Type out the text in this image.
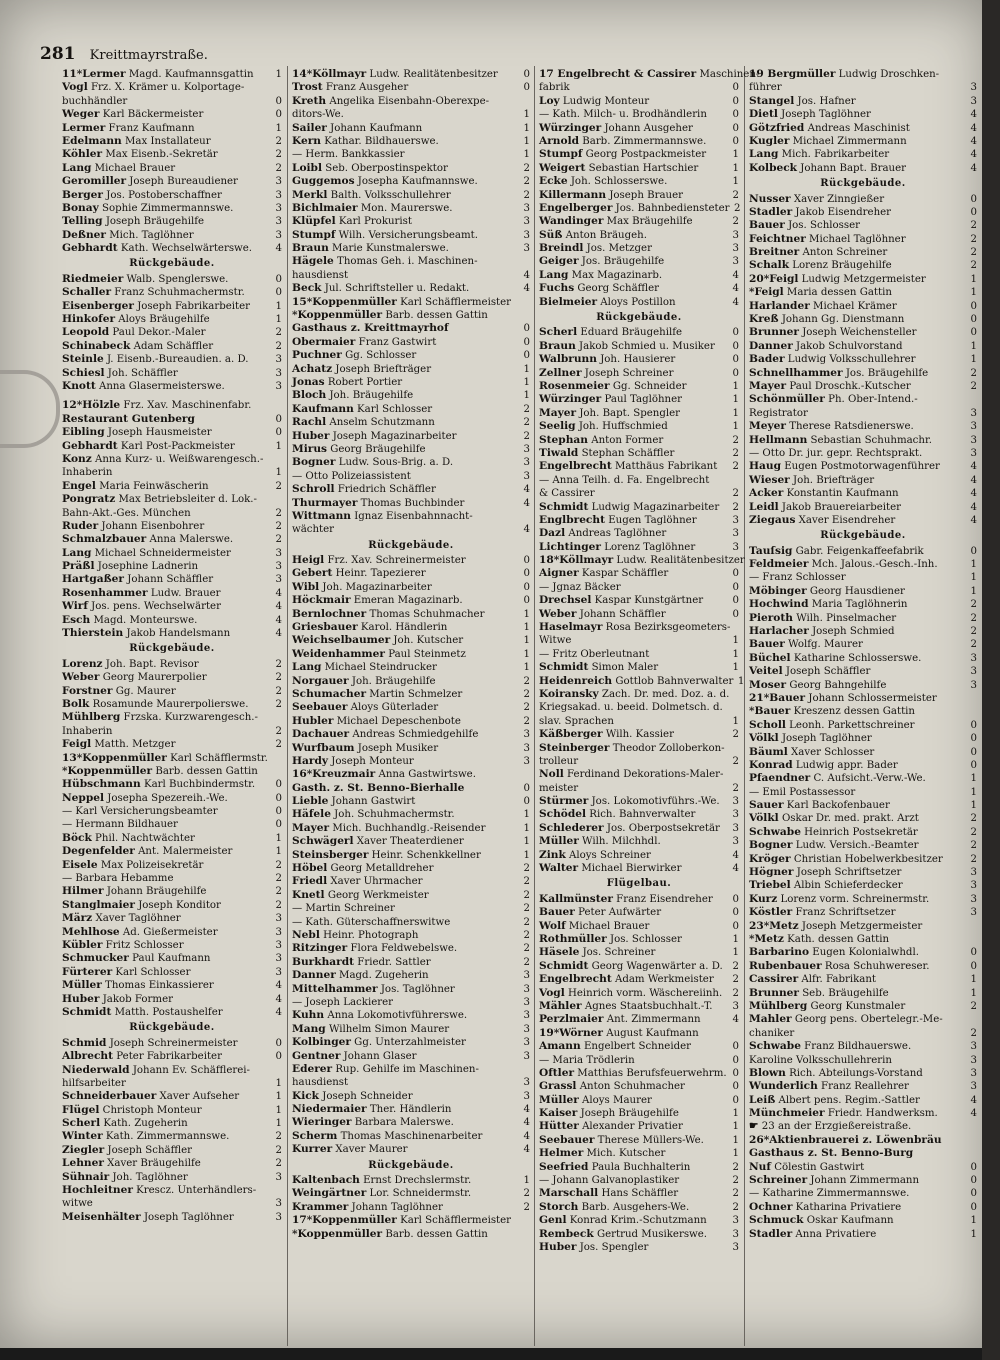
281 Kreittmayrstraße.
11*Lermer Magd. Kaufmannsgattin	1
Vogl Frz. X. Krämer u. Kolportage-
buchhändler	0
Weger Karl Bäckermeister	0
Lermer Franz Kaufmann	1
Edelmann Max Installateur	2
Köhler Max Eisenb.-Sekretär	2
Lang Michael Brauer	2
Geromiller Joseph Bureaudiener	3
Berger Jos. Postoberschaffner	3
Bonay Sophie Zimmermannswe.	3
Telling Joseph Bräugehilfe	3
Deßner Mich. Taglöhner	3
Gebhardt Kath. Wechselwärterswe.	4
Rückgebäude.
Riedmeier Walb. Spenglerswe.	0
Schaller Franz Schuhmachermstr.	0
Eisenberger Joseph Fabrikarbeiter	1
Hinkofer Aloys Bräugehilfe	1
Leopold Paul Dekor.-Maler	2
Schinabeck Adam Schäffler	2
Steinle J. Eisenb.-Bureaudien. a. D.	3
Schiesl Joh. Schäffler	3
Knott Anna Glasermeisterswe.	3
12*Hölzle Frz. Xav. Maschinenfabr.
Restaurant Gutenberg	0
Eibling Joseph Hausmeister	0
Gebhardt Karl Post-Packmeister	1
Konz Anna Kurz- u. Weißwarengesch.-
Inhaberin	1
Engel Maria Feinwäscherin	2
Pongratz Max Betriebsleiter d. Lok.-
Bahn-Akt.-Ges. München	2
Ruder Johann Eisenbohrer	2
Schmalzbauer Anna Malerswe.	2
Lang Michael Schneidermeister	3
Präßl Josephine Ladnerin	3
Hartgaßer Johann Schäffler	3
Rosenhammer Ludw. Brauer	4
Wirf Jos. pens. Wechselwärter	4
Esch Magd. Monteurswe.	4
Thierstein Jakob Handelsmann	4
Rückgebäude.
Lorenz Joh. Bapt. Revisor	2
Weber Georg Maurerpolier	2
Forstner Gg. Maurer	2
Bolk Rosamunde Maurerpolierswe.	2
Mühlberg Frzska. Kurzwarengesch.-
Inhaberin	2
Feigl Matth. Metzger	2
13*Koppenmüller Karl Schäfflermstr.
*Koppenmüller Barb. dessen Gattin
Hübschmann Karl Buchbindermstr.	0
Neppel Josepha Spezereih.-We.	0
— Karl Versicherungsbeamter	0
— Hermann Bildhauer	0
Böck Phil. Nachtwächter	1
Degenfelder Ant. Malermeister	1
Eisele Max Polizeisekretär	2
— Barbara Hebamme	2
Hilmer Johann Bräugehilfe	2
Stanglmaier Joseph Konditor	2
März Xaver Taglöhner	3
Mehlhose Ad. Gießermeister	3
Kübler Fritz Schlosser	3
Schmucker Paul Kaufmann	3
Fürterer Karl Schlosser	3
Müller Thomas Einkassierer	4
Huber Jakob Former	4
Schmidt Matth. Postaushelfer	4
Rückgebäude.
Schmid Joseph Schreinermeister	0
Albrecht Peter Fabrikarbeiter	0
Niederwald Johann Ev. Schäfflerei-
hilfsarbeiter	1
Schneiderbauer Xaver Aufseher	1
Flügel Christoph Monteur	1
Scherl Kath. Zugeherin	1
Winter Kath. Zimmermannswe.	2
Ziegler Joseph Schäffler	2
Lehner Xaver Bräugehilfe	2
Sühnair Joh. Taglöhner	3
Hochleitner Krescz. Unterhändlers-
witwe	3
Meisenhälter Joseph Taglöhner	3
14*Köllmayr Ludw. Realitätenbesitzer	0
Trost Franz Ausgeher	0
Kreth Angelika Eisenbahn-Oberexpe-
ditors-We.	1
Sailer Johann Kaufmann	1
Kern Kathar. Bildhauerswe.	1
— Herm. Bankkassier	1
Loibl Seb. Oberpostinspektor	2
Guggemos Josepha Kaufmannswe.	2
Merkl Balth. Volksschullehrer	2
Bichlmaier Mon. Maurerswe.	3
Klüpfel Karl Prokurist	3
Stumpf Wilh. Versicherungsbeamt.	3
Braun Marie Kunstmalerswe.	3
Hägele Thomas Geh. i. Maschinen-
hausdienst	4
Beck Jul. Schriftsteller u. Redakt.	4
15*Koppenmüller Karl Schäfflermeister
*Koppenmüller Barb. dessen Gattin
Gasthaus z. Kreittmayrhof	0
Obermaier Franz Gastwirt	0
Puchner Gg. Schlosser	0
Achatz Joseph Briefträger	1
Jonas Robert Portier	1
Bloch Joh. Bräugehilfe	1
Kaufmann Karl Schlosser	2
Rachl Anselm Schutzmann	2
Huber Joseph Magazinarbeiter	2
Mirus Georg Bräugehilfe	3
Bogner Ludw. Sous-Brig. a. D.	3
— Otto Polizeiassistent	3
Schroll Friedrich Schäffler	4
Thurmayer Thomas Buchbinder	4
Wittmann Ignaz Eisenbahnnacht-
wächter	4
Rückgebäude.
Heigl Frz. Xav. Schreinermeister	0
Gebert Heinr. Tapezierer	0
Wibl Joh. Magazinarbeiter	0
Höckmair Emeran Magazinarb.	0
Bernlochner Thomas Schuhmacher	1
Griesbauer Karol. Händlerin	1
Weichselbaumer Joh. Kutscher	1
Weidenhammer Paul Steinmetz	1
Lang Michael Steindrucker	1
Norgauer Joh. Bräugehilfe	2
Schumacher Martin Schmelzer	2
Seebauer Aloys Güterlader	2
Hubler Michael Depeschenbote	2
Dachauer Andreas Schmiedgehilfe	3
Wurfbaum Joseph Musiker	3
Hardy Joseph Monteur	3
16*Kreuzmair Anna Gastwirtswe.
Gasth. z. St. Benno-Bierhalle	0
Lieble Johann Gastwirt	0
Häfele Joh. Schuhmachermstr.	1
Mayer Mich. Buchhandlg.-Reisender	1
Schwägerl Xaver Theaterdiener	1
Steinsberger Heinr. Schenkkellner	1
Höbel Georg Metalldreher	2
Friedl Xaver Uhrmacher	2
Knetl Georg Werkmeister	2
— Martin Schreiner	2
— Kath. Güterschaffnerswitwe	2
Nebl Heinr. Photograph	2
Ritzinger Flora Feldwebelswe.	2
Burkhardt Friedr. Sattler	2
Danner Magd. Zugeherin	3
Mittelhammer Jos. Taglöhner	3
— Joseph Lackierer	3
Kuhn Anna Lokomotivführerswe.	3
Mang Wilhelm Simon Maurer	3
Kolbinger Gg. Unterzahlmeister	3
Gentner Johann Glaser	3
Ederer Rup. Gehilfe im Maschinen-
hausdienst	3
Kick Joseph Schneider	3
Niedermaier Ther. Händlerin	4
Wieringer Barbara Malerswe.	4
Scherm Thomas Maschinenarbeiter	4
Kurrer Xaver Maurer	4
Rückgebäude.
Kaltenbach Ernst Drechslermstr.	1
Weingärtner Lor. Schneidermstr.	2
Krammer Johann Taglöhner	2
17*Koppenmüller Karl Schäfflermeister
*Koppenmüller Barb. dessen Gattin
17 Engelbrecht & Cassirer Maschinen-
fabrik	0
Loy Ludwig Monteur	0
— Kath. Milch- u. Brodhändlerin	0
Würzinger Johann Ausgeher	0
Arnold Barb. Zimmermannswe.	0
Stumpf Georg Postpackmeister	1
Weigert Sebastian Hartschier	1
Ecke Joh. Schlosserswe.	1
Killermann Joseph Brauer	2
Engelberger Jos. Bahnbediensteter 2
Wandinger Max Bräugehilfe	2
Süß Anton Bräugeh.	3
Breindl Jos. Metzger	3
Geiger Jos. Bräugehilfe	3
Lang Max Magazinarb.	4
Fuchs Georg Schäffler	4
Bielmeier Aloys Postillon	4
Rückgebäude.
Scherl Eduard Bräugehilfe	0
Braun Jakob Schmied u. Musiker	0
Walbrunn Joh. Hausierer	0
Zellner Joseph Schreiner	0
Rosenmeier Gg. Schneider	1
Würzinger Paul Taglöhner	1
Mayer Joh. Bapt. Spengler	1
Seelig Joh. Huffschmied	1
Stephan Anton Former	2
Tiwald Stephan Schäffler	2
Engelbrecht Matthäus Fabrikant	2
— Anna Teilh. d. Fa. Engelbrecht
& Cassirer	2
Schmidt Ludwig Magazinarbeiter	2
Englbrecht Eugen Taglöhner	3
Dazl Andreas Taglöhner	3
Lichtinger Lorenz Taglöhner	3
18*Köllmayr Ludw. Realitätenbesitzer
Aigner Kaspar Schäffler	0
— Jgnaz Bäcker	0
Drechsel Kaspar Kunstgärtner	0
Weber Johann Schäffler	0
Haselmayr Rosa Bezirksgeometers-
Witwe	1
— Fritz Oberleutnant	1
Schmidt Simon Maler	1
Heidenreich Gottlob Bahnverwalter 1
Koiransky Zach. Dr. med. Doz. a. d.
Kriegsakad. u. beeid. Dolmetsch. d.
slav. Sprachen	1
Käßberger Wilh. Kassier	2
Steinberger Theodor Zolloberkon-
trolleur	2
Noll Ferdinand Dekorations-Maler-
meister	2
Stürmer Jos. Lokomotivführs.-We.	3
Schödel Rich. Bahnverwalter	3
Schlederer Jos. Oberpostsekretär	3
Müller Wilh. Milchhdl.	3
Zink Aloys Schreiner	4
Walter Michael Bierwirker	4
Flügelbau.
Kallmünster Franz Eisendreher	0
Bauer Peter Aufwärter	0
Wolf Michael Brauer	0
Rothmüller Jos. Schlosser	1
Häsele Jos. Schreiner	1
Schmidt Georg Wagenwärter a. D. 2
Engelbrecht Adam Werkmeister	2
Vogl Heinrich vorm. Wäschereiinh.	2
Mähler Agnes Staatsbuchhalt.-T.	3
Perzlmaier Ant. Zimmermann	4
19*Wörner August Kaufmann
Amann Engelbert Schneider	0
— Maria Trödlerin	0
Oftler Matthias Berufsfeuerwehrm. 0
Grassl Anton Schuhmacher	0
Müller Aloys Maurer	0
Kaiser Joseph Bräugehilfe	1
Hütter Alexander Privatier	1
Seebauer Therese Müllers-We.	1
Helmer Mich. Kutscher	1
Seefried Paula Buchhalterin	2
— Johann Galvanoplastiker	2
Marschall Hans Schäffler	2
Storch Barb. Ausgehers-We.	2
Genl Konrad Krim.-Schutzmann	3
Rembeck Gertrud Musikerswe.	3
Huber Jos. Spengler	3
19 Bergmüller Ludwig Droschken-
führer	3
Stangel Jos. Hafner	3
Dietl Joseph Taglöhner	4
Götzfried Andreas Maschinist	4
Kugler Michael Zimmermann	4
Lang Mich. Fabrikarbeiter	4
Kolbeck Johann Bapt. Brauer	4
Rückgebäude.
Nusser Xaver Zinngießer	0
Stadler Jakob Eisendreher	0
Bauer Jos. Schlosser	2
Feichtner Michael Taglöhner	2
Breitner Anton Schreiner	2
Schalk Lorenz Bräugehilfe	2
20*Feigl Ludwig Metzgermeister	1
*Feigl Maria dessen Gattin	1
Harlander Michael Krämer	0
Kreß Johann Gg. Dienstmann	0
Brunner Joseph Weichensteller	0
Danner Jakob Schulvorstand	1
Bader Ludwig Volksschullehrer	1
Schnellhammer Jos. Bräugehilfe	2
Mayer Paul Droschk.-Kutscher	2
Schönmüller Ph. Ober-Intend.-
Registrator	3
Meyer Therese Ratsdienerswe.	3
Hellmann Sebastian Schuhmachr.	3
— Otto Dr. jur. gepr. Rechtsprakt.	3
Haug Eugen Postmotorwagenführer	4
Wieser Joh. Briefträger	4
Acker Konstantin Kaufmann	4
Leidl Jakob Brauereiarbeiter	4
Ziegaus Xaver Eisendreher	4
Rückgebäude.
Tauſsig Gabr. Feigenkaffeefabrik	0
Feldmeier Mch. Jalous.-Gesch.-Inh.	1
— Franz Schlosser	1
Möbinger Georg Hausdiener	1
Hochwind Maria Taglöhnerin	2
Pieroth Wilh. Pinselmacher	2
Harlacher Joseph Schmied	2
Bauer Wolfg. Maurer	2
Büchel Katharine Schlosserswe.	3
Veitel Joseph Schäffler	3
Moser Georg Bahngehilfe	3
21*Bauer Johann Schlossermeister
*Bauer Kreszenz dessen Gattin
Scholl Leonh. Parkettschreiner	0
Völkl Joseph Taglöhner	0
Bäuml Xaver Schlosser	0
Konrad Ludwig appr. Bader	0
Pfaendner C. Aufsicht.-Verw.-We.	1
— Emil Postassessor	1
Sauer Karl Backofenbauer	1
Völkl Oskar Dr. med. prakt. Arzt	2
Schwabe Heinrich Postsekretär	2
Bogner Ludw. Versich.-Beamter	2
Kröger Christian Hobelwerkbesitzer	2
Högner Joseph Schriftsetzer	3
Triebel Albin Schieferdecker	3
Kurz Lorenz vorm. Schreinermstr.	3
Köstler Franz Schriftsetzer	3
23*Metz Joseph Metzgermeister
*Metz Kath. dessen Gattin
Barbarino Eugen Kolonialwhdl.	0
Rubenbauer Rosa Schuhwereser.	0
Cassirer Alfr. Fabrikant	1
Brunner Seb. Bräugehilfe	1
Mühlberg Georg Kunstmaler	2
Mahler Georg pens. Obertelegr.-Me-
chaniker	2
Schwabe Franz Bildhauerswe.	3
Karoline Volksschullehrerin	3
Blown Rich. Abteilungs-Vorstand	3
Wunderlich Franz Reallehrer	3
Leiß Albert pens. Regim.-Sattler	4
Münchmeier Friedr. Handwerksm.	4
☛ 23 an der Erzgießereistraße.
26*Aktienbrauerei z. Löwenbräu
Gasthaus z. St. Benno-Burg
Nuf Cölestin Gastwirt	0
Schreiner Johann Zimmermann	0
— Katharine Zimmermannswe.	0
Ochner Katharina Privatiere	0
Schmuck Oskar Kaufmann	1
Stadler Anna Privatiere	1
